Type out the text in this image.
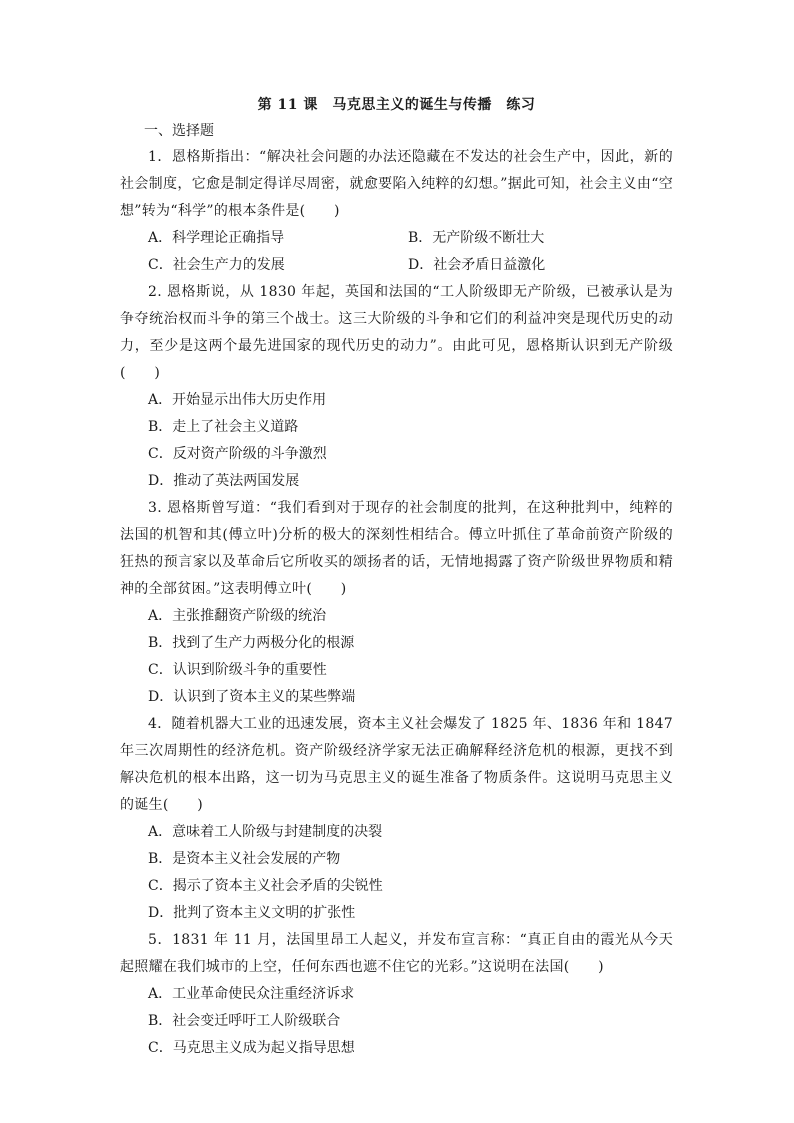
第 11 课　马克思主义的诞生与传播　练习
一、选择题
1．恩格斯指出：“解决社会问题的办法还隐藏在不发达的社会生产中，因此，新的社会制度，它愈是制定得详尽周密，就愈要陷入纯粹的幻想。”据此可知，社会主义由“空想”转为“科学”的根本条件是(　　)
A．科学理论正确指导	B．无产阶级不断壮大
C．社会生产力的发展	D．社会矛盾日益激化
2. 恩格斯说，从 1830 年起，英国和法国的“工人阶级即无产阶级，已被承认是为争夺统治权而斗争的第三个战士。这三大阶级的斗争和它们的利益冲突是现代历史的动力，至少是这两个最先进国家的现代历史的动力”。由此可见，恩格斯认识到无产阶级(　　)
A．开始显示出伟大历史作用
B．走上了社会主义道路
C．反对资产阶级的斗争激烈
D．推动了英法两国发展
3. 恩格斯曾写道：“我们看到对于现存的社会制度的批判，在这种批判中，纯粹的法国的机智和其(傅立叶)分析的极大的深刻性相结合。傅立叶抓住了革命前资产阶级的狂热的预言家以及革命后它所收买的颂扬者的话，无情地揭露了资产阶级世界物质和精神的全部贫困。”这表明傅立叶(　　)
A．主张推翻资产阶级的统治
B．找到了生产力两极分化的根源
C．认识到阶级斗争的重要性
D．认识到了资本主义的某些弊端
4．随着机器大工业的迅速发展，资本主义社会爆发了 1825 年、1836 年和 1847 年三次周期性的经济危机。资产阶级经济学家无法正确解释经济危机的根源，更找不到解决危机的根本出路，这一切为马克思主义的诞生准备了物质条件。这说明马克思主义的诞生(　　)
A．意味着工人阶级与封建制度的决裂
B．是资本主义社会发展的产物
C．揭示了资本主义社会矛盾的尖锐性
D．批判了资本主义文明的扩张性
5．1831 年 11 月，法国里昂工人起义，并发布宣言称：“真正自由的霞光从今天起照耀在我们城市的上空，任何东西也遮不住它的光彩。”这说明在法国(　　)
A．工业革命使民众注重经济诉求
B．社会变迁呼吁工人阶级联合
C．马克思主义成为起义指导思想
